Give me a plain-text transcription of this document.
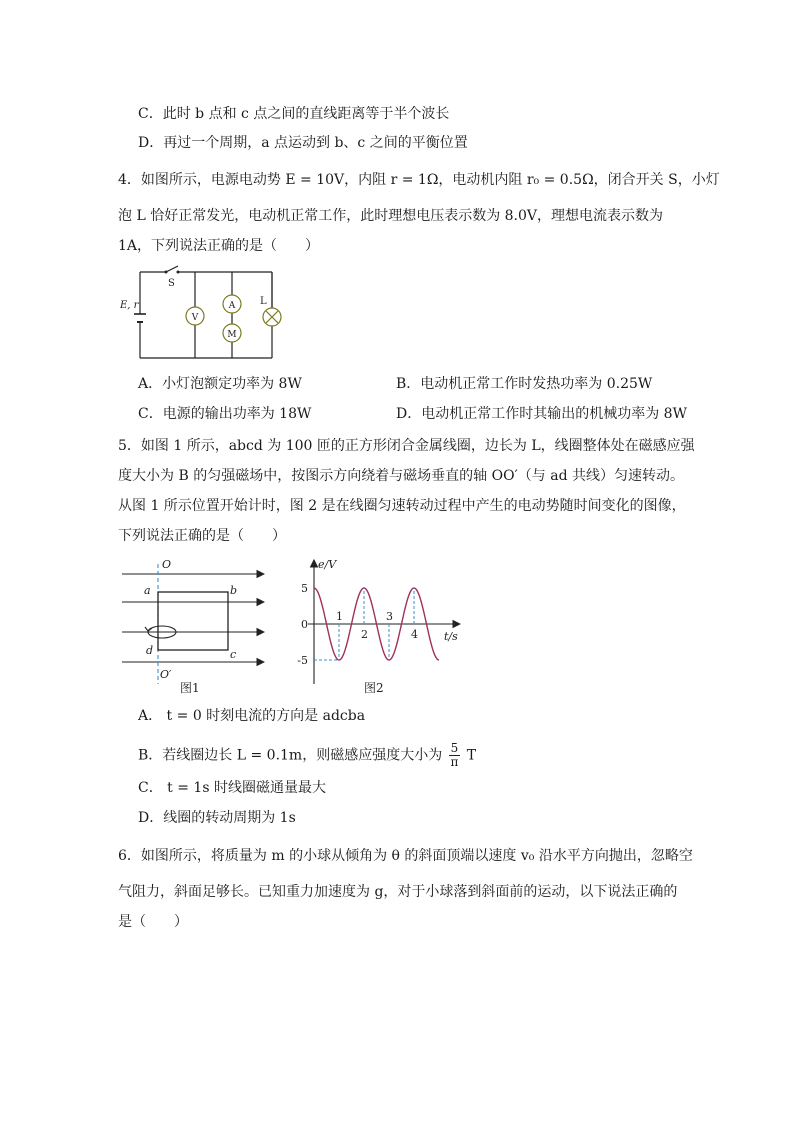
C．此时 b 点和 c 点之间的直线距离等于半个波长
D．再过一个周期，a 点运动到 b、c 之间的平衡位置
4．如图所示，电源电动势 E = 10V，内阻 r = 1Ω，电动机内阻 r₀ = 0.5Ω，闭合开关 S，小灯
泡 L 恰好正常发光，电动机正常工作，此时理想电压表示数为 8.0V，理想电流表示数为
1A，下列说法正确的是（　　）
S
E, r
V
A
M
L
A．小灯泡额定功率为 8W	B．电动机正常工作时发热功率为 0.25W
C．电源的输出功率为 18W	D．电动机正常工作时其输出的机械功率为 8W
5．如图 1 所示，abcd 为 100 匝的正方形闭合金属线圈，边长为 L，线圈整体处在磁感应强
度大小为 B 的匀强磁场中，按图示方向绕着与磁场垂直的轴 OO′（与 ad 共线）匀速转动。
从图 1 所示位置开始计时，图 2 是在线圈匀速转动过程中产生的电动势随时间变化的图像，
下列说法正确的是（　　）
O
a	b
c
d
O′
图1
1
2
3
4
5
0
-5
e/V
t/s
图2
A． t = 0 时刻电流的方向是 adcba
B．若线圈边长 L = 0.1m，则磁感应强度大小为 $\frac{5}{\pi}$ T
C． t = 1s 时线圈磁通量最大
D．线圈的转动周期为 1s
6．如图所示，将质量为 m 的小球从倾角为 θ 的斜面顶端以速度 v₀ 沿水平方向抛出，忽略空
气阻力，斜面足够长。已知重力加速度为 g，对于小球落到斜面前的运动，以下说法正确的
是（　　）
